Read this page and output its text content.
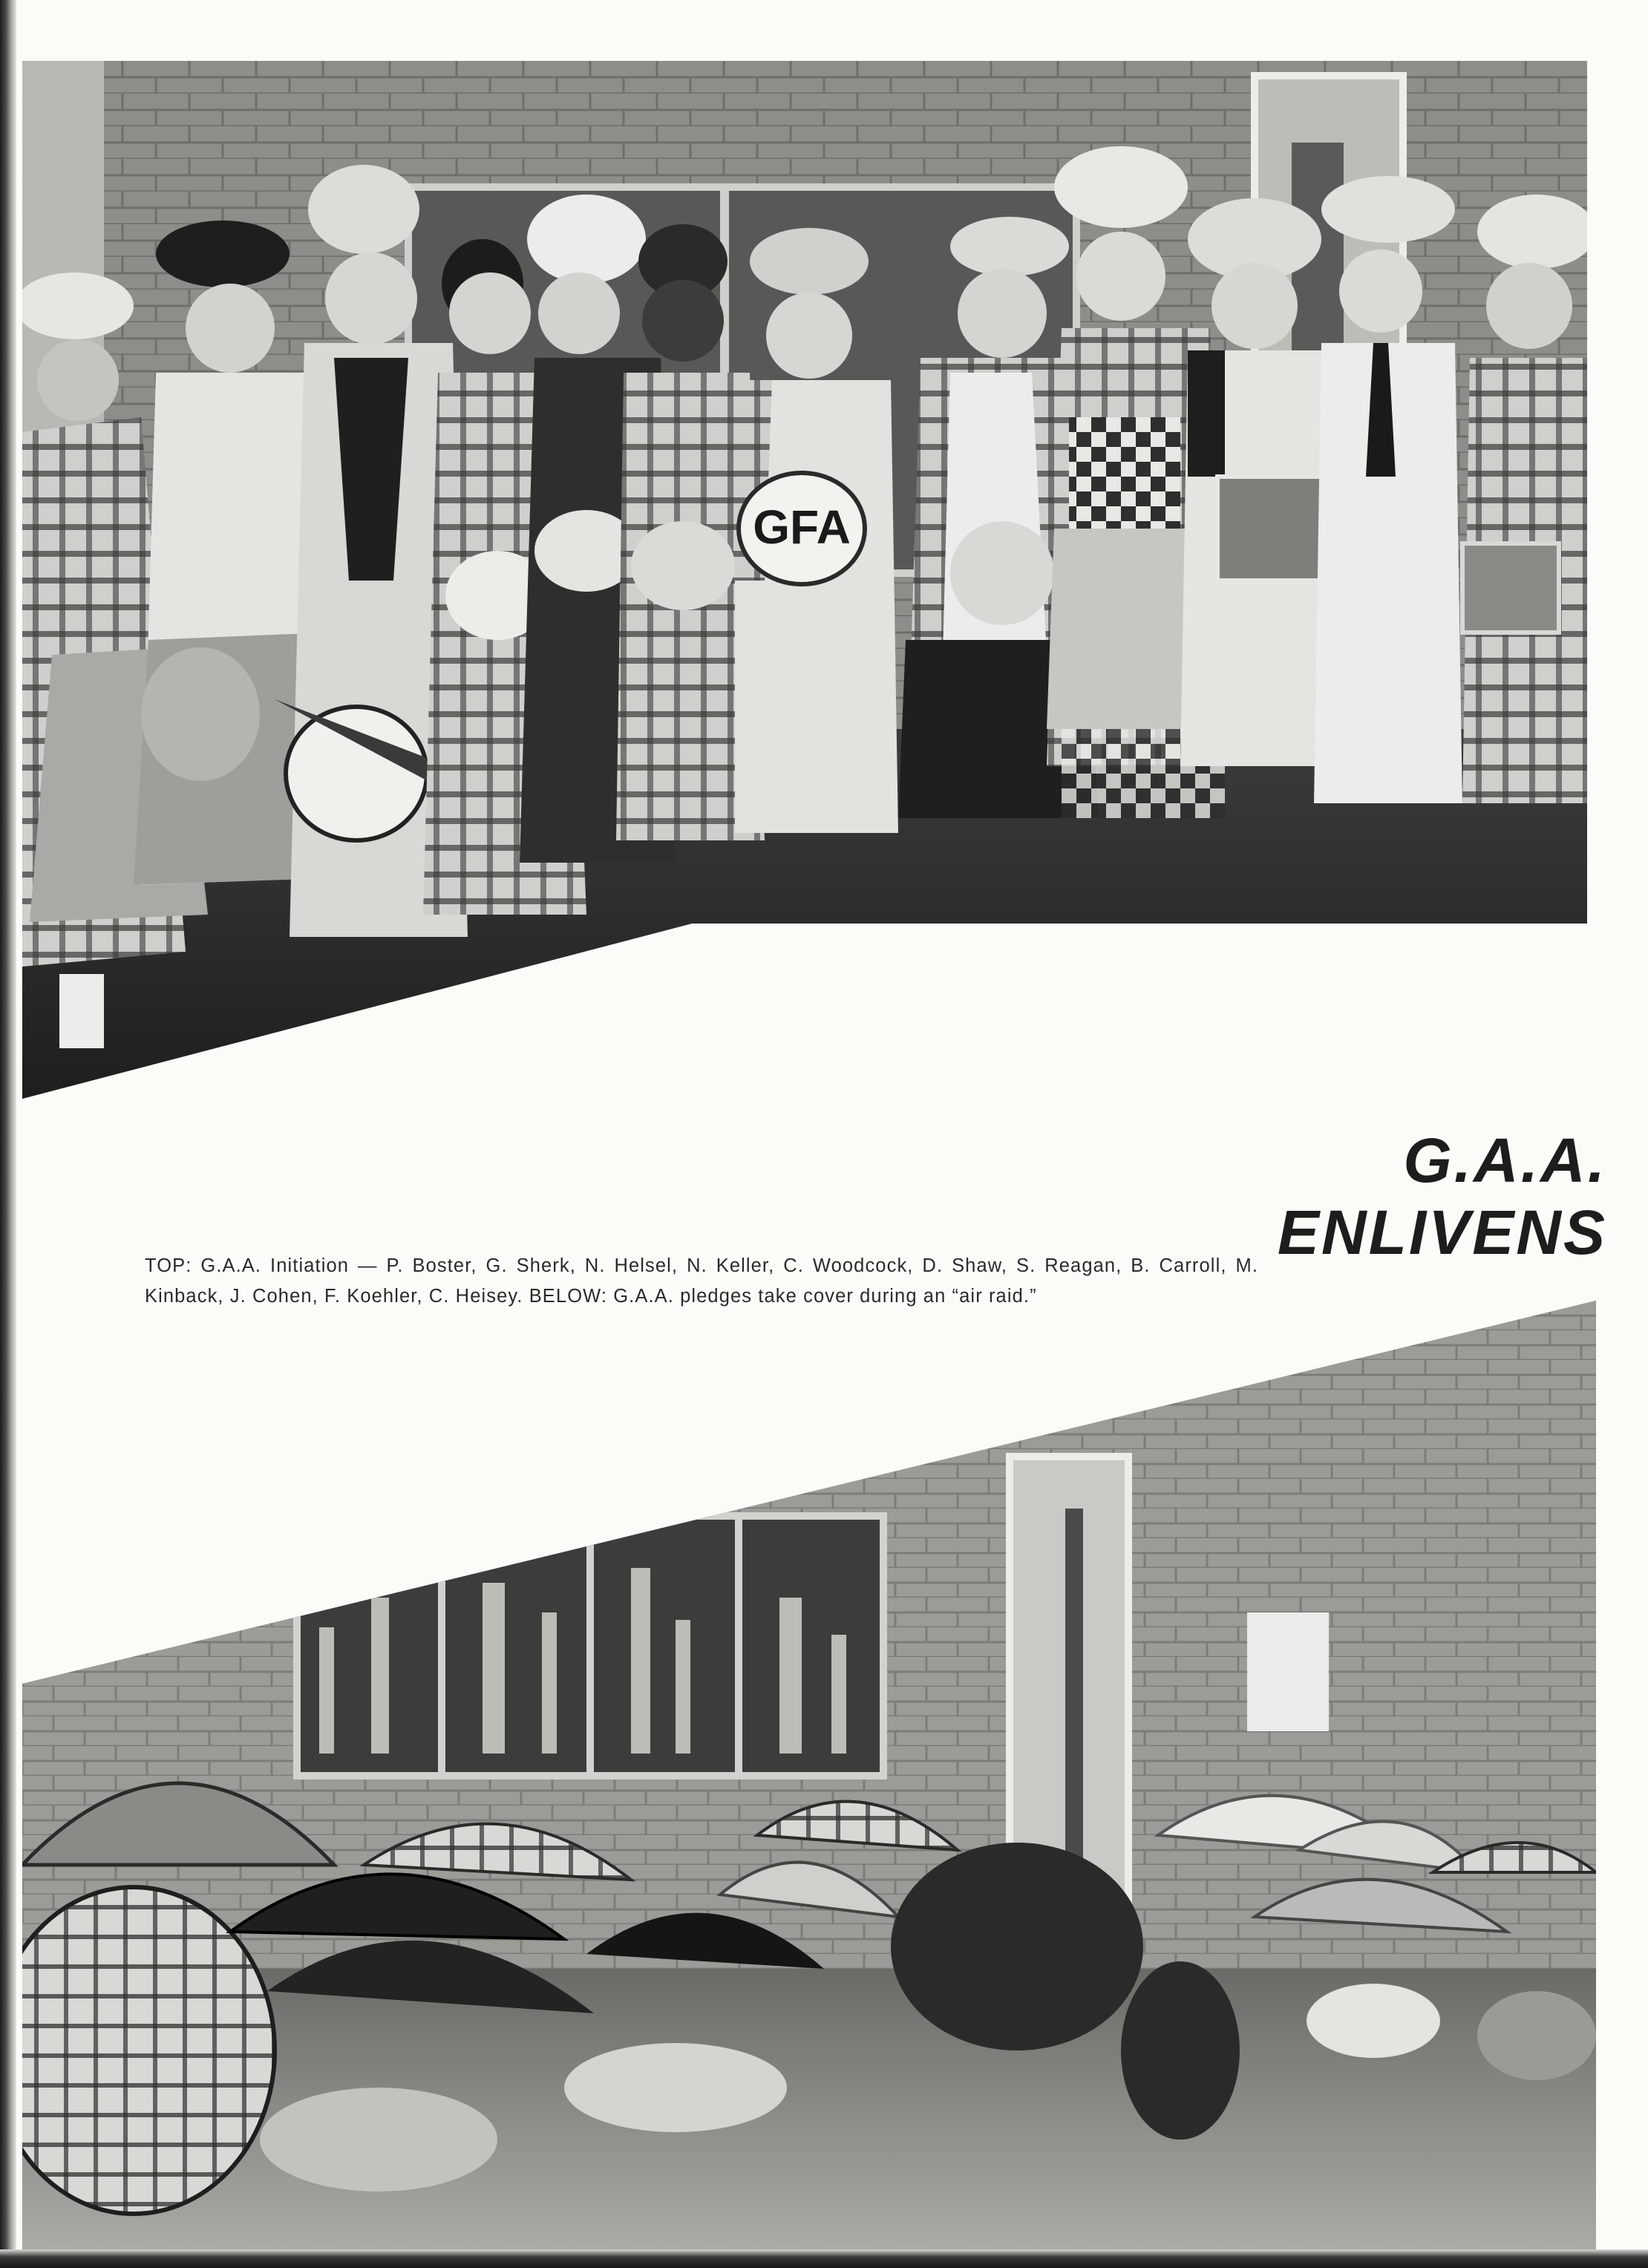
GFA
G.A.A. ENLIVENS

TOP: G.A.A. Initiation — P. Boster, G. Sherk, N. Helsel, N. Keller, C. Woodcock, D. Shaw, S. Reagan, B. Carroll, M. Kinback, J. Cohen, F. Koehler, C. Heisey. BELOW: G.A.A. pledges take cover during an “air raid.”
